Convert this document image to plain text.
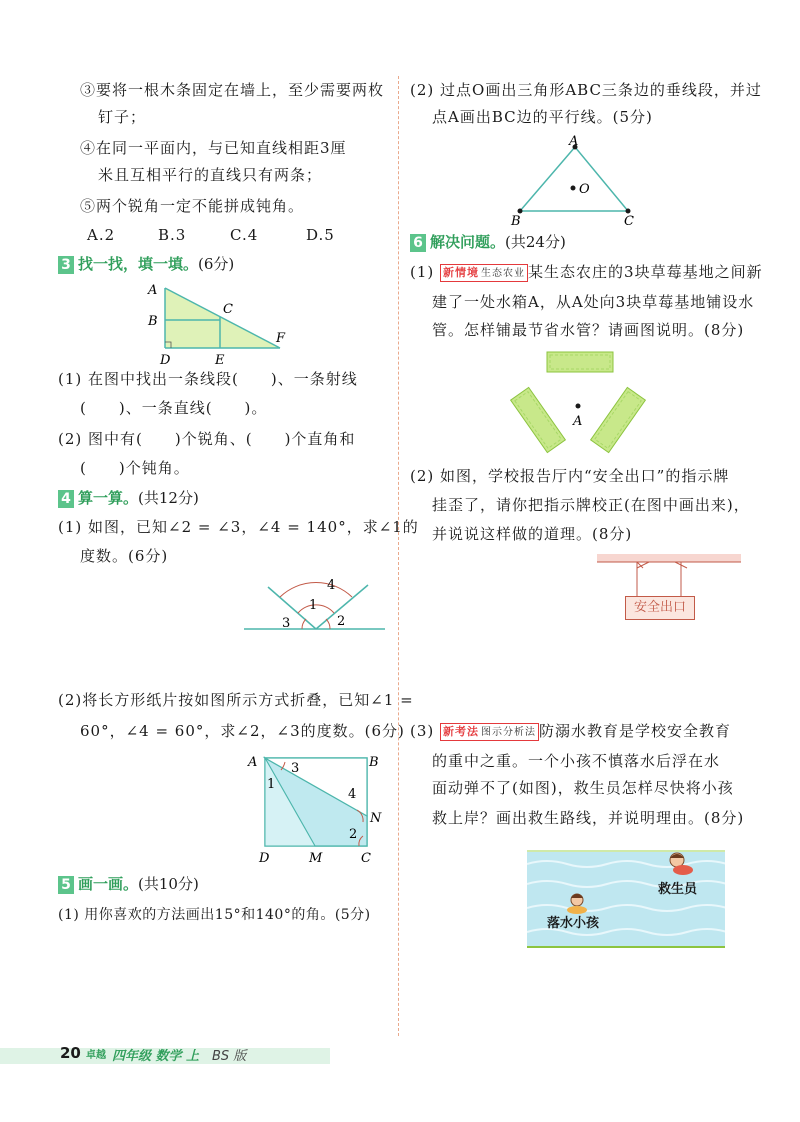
③要将一根木条固定在墙上，至少需要两枚
钉子；
④在同一平面内，与已知直线相距3厘
米且互相平行的直线只有两条；
⑤两个锐角一定不能拼成钝角。
A.2	B.3	C.4	D.5
3 找一找，填一填。(6分)
A
B
C
D	E
F
(1) 在图中找出一条线段(　　)、一条射线
(　　)、一条直线(　　)。
(2) 图中有(　　)个锐角、(　　)个直角和
(　　)个钝角。
4 算一算。(共12分)
(1) 如图，已知∠2 = ∠3，∠4 = 140°，求∠1的
度数。(6分)
4
1
3	2
(2)将长方形纸片按如图所示方式折叠，已知∠1 =
60°，∠4 = 60°，求∠2，∠3的度数。(6分)
A	B
1
3
4
N
2
D	M	C
5 画一画。(共10分)
(1) 用你喜欢的方法画出15°和140°的角。(5分)
(2) 过点O画出三角形ABC三条边的垂线段，并过
点A画出BC边的平行线。(5分)
A
O
B	C
6 解决问题。(共24分)
(1) 新情境 生态农业 某生态农庄的3块草莓基地之间新
建了一处水箱A，从A处向3块草莓基地铺设水
管。怎样铺最节省水管？请画图说明。(8分)
A
(2) 如图，学校报告厅内“安全出口”的指示牌
挂歪了，请你把指示牌校正(在图中画出来)，
并说说这样做的道理。(8分)
安全出口
(3) 新考法 图示分析法 防溺水教育是学校安全教育
的重中之重。一个小孩不慎落水后浮在水
面动弹不了(如图)，救生员怎样尽快将小孩
救上岸？画出救生路线，并说明理由。(8分)
救生员
落水小孩
20 卓越 四年级 数学 上 BS 版
